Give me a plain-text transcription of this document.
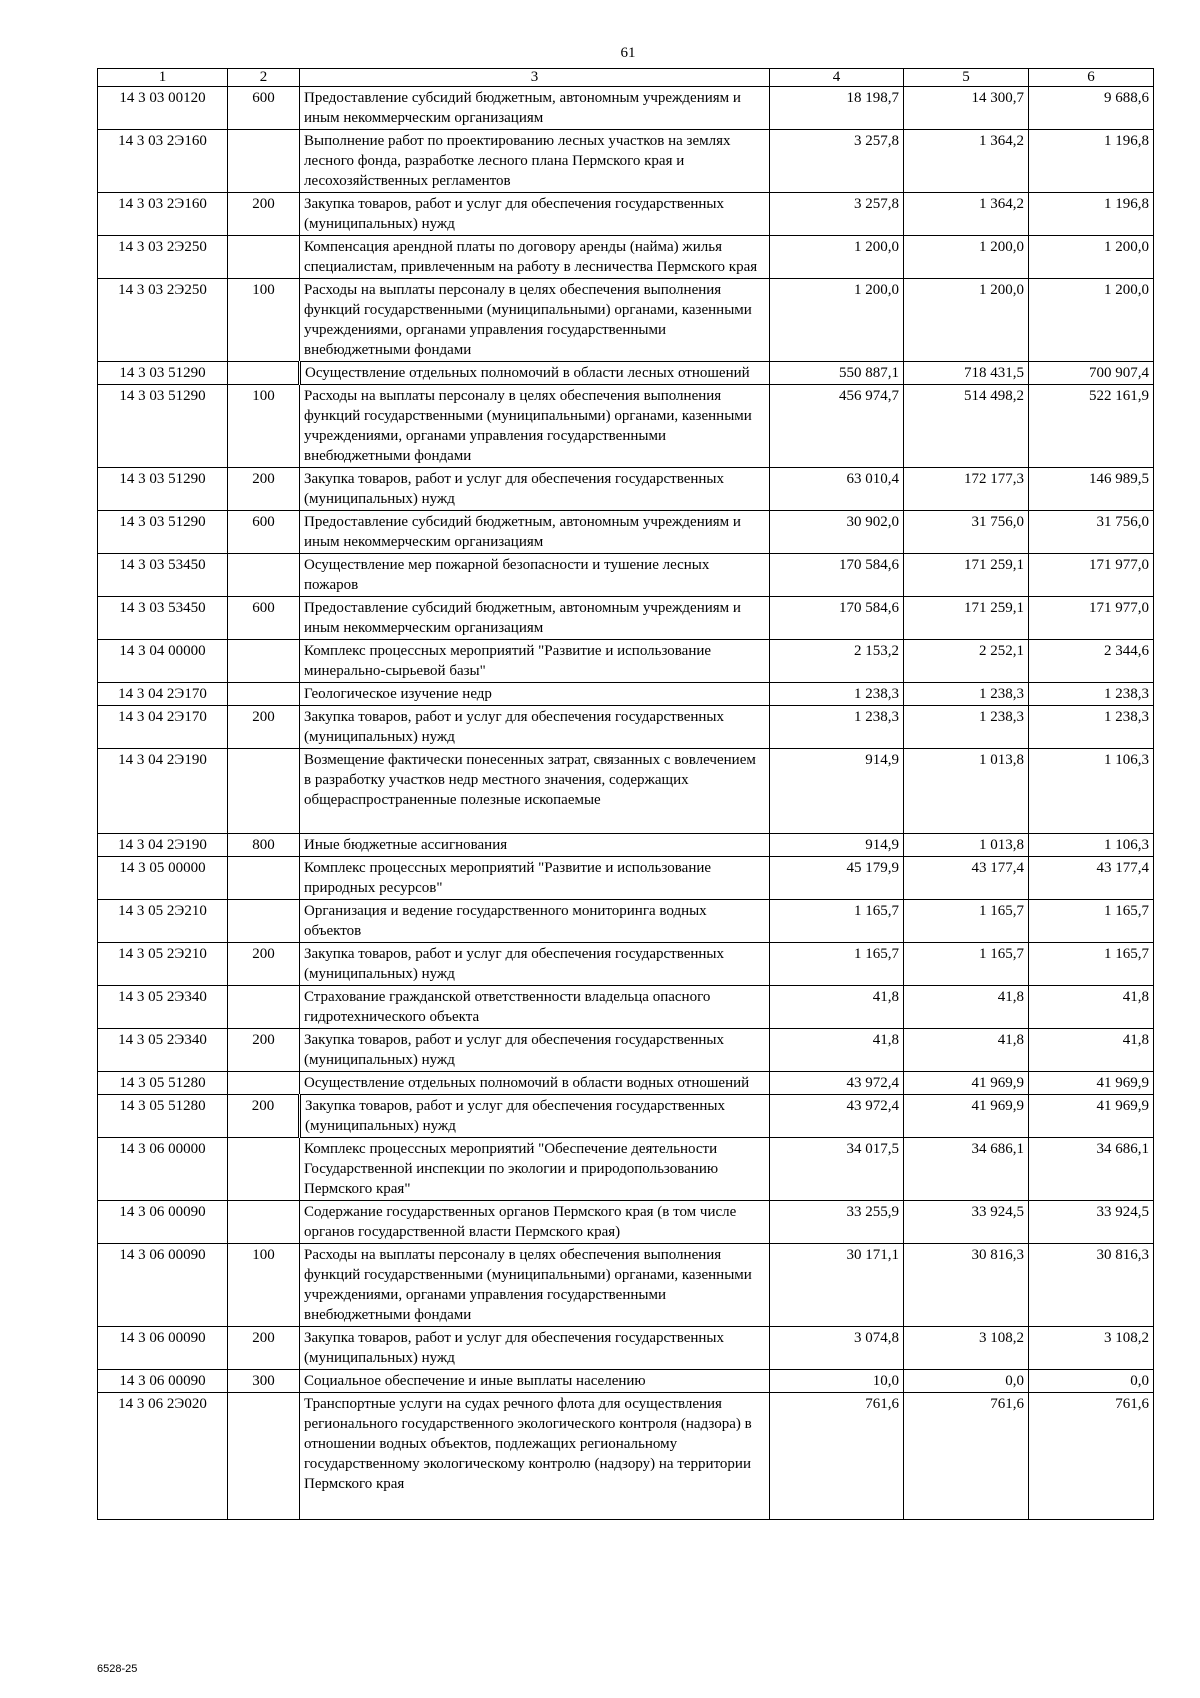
61
1	2	3	4	5	6
14 3 03 00120	600	Предоставление субсидий бюджетным, автономным учреждениям и иным некоммерческим организациям	18 198,7	14 300,7	9 688,6
14 3 03 2Э160		Выполнение работ по проектированию лесных участков на землях лесного фонда, разработке лесного плана Пермского края и лесохозяйственных регламентов	3 257,8	1 364,2	1 196,8
14 3 03 2Э160	200	Закупка товаров, работ и услуг для обеспечения государственных (муниципальных) нужд	3 257,8	1 364,2	1 196,8
14 3 03 2Э250		Компенсация арендной платы по договору аренды (найма) жилья специалистам, привлеченным на работу в лесничества Пермского края	1 200,0	1 200,0	1 200,0
14 3 03 2Э250	100	Расходы на выплаты персоналу в целях обеспечения выполнения функций государственными (муниципальными) органами, казенными учреждениями, органами управления государственными внебюджетными фондами	1 200,0	1 200,0	1 200,0
14 3 03 51290		Осуществление отдельных полномочий в области лесных отношений	550 887,1	718 431,5	700 907,4
14 3 03 51290	100	Расходы на выплаты персоналу в целях обеспечения выполнения функций государственными (муниципальными) органами, казенными учреждениями, органами управления государственными внебюджетными фондами	456 974,7	514 498,2	522 161,9
14 3 03 51290	200	Закупка товаров, работ и услуг для обеспечения государственных (муниципальных) нужд	63 010,4	172 177,3	146 989,5
14 3 03 51290	600	Предоставление субсидий бюджетным, автономным учреждениям и иным некоммерческим организациям	30 902,0	31 756,0	31 756,0
14 3 03 53450		Осуществление мер пожарной безопасности и тушение лесных пожаров	170 584,6	171 259,1	171 977,0
14 3 03 53450	600	Предоставление субсидий бюджетным, автономным учреждениям и иным некоммерческим организациям	170 584,6	171 259,1	171 977,0
14 3 04 00000		Комплекс процессных мероприятий "Развитие и использование минерально-сырьевой базы"	2 153,2	2 252,1	2 344,6
14 3 04 2Э170		Геологическое изучение недр	1 238,3	1 238,3	1 238,3
14 3 04 2Э170	200	Закупка товаров, работ и услуг для обеспечения государственных (муниципальных) нужд	1 238,3	1 238,3	1 238,3
14 3 04 2Э190		Возмещение фактически понесенных затрат, связанных с вовлечением в разработку участков недр местного значения, содержащих общераспространенные полезные ископаемые	914,9	1 013,8	1 106,3
14 3 04 2Э190	800	Иные бюджетные ассигнования	914,9	1 013,8	1 106,3
14 3 05 00000		Комплекс процессных мероприятий "Развитие и использование природных ресурсов"	45 179,9	43 177,4	43 177,4
14 3 05 2Э210		Организация и ведение государственного мониторинга водных объектов	1 165,7	1 165,7	1 165,7
14 3 05 2Э210	200	Закупка товаров, работ и услуг для обеспечения государственных (муниципальных) нужд	1 165,7	1 165,7	1 165,7
14 3 05 2Э340		Страхование гражданской ответственности владельца опасного гидротехнического объекта	41,8	41,8	41,8
14 3 05 2Э340	200	Закупка товаров, работ и услуг для обеспечения государственных (муниципальных) нужд	41,8	41,8	41,8
14 3 05 51280		Осуществление отдельных полномочий в области водных отношений	43 972,4	41 969,9	41 969,9
14 3 05 51280	200	Закупка товаров, работ и услуг для обеспечения государственных (муниципальных) нужд	43 972,4	41 969,9	41 969,9
14 3 06 00000		Комплекс процессных мероприятий "Обеспечение деятельности Государственной инспекции по экологии и природопользованию Пермского края"	34 017,5	34 686,1	34 686,1
14 3 06 00090		Содержание государственных органов Пермского края (в том числе органов государственной власти Пермского края)	33 255,9	33 924,5	33 924,5
14 3 06 00090	100	Расходы на выплаты персоналу в целях обеспечения выполнения функций государственными (муниципальными) органами, казенными учреждениями, органами управления государственными внебюджетными фондами	30 171,1	30 816,3	30 816,3
14 3 06 00090	200	Закупка товаров, работ и услуг для обеспечения государственных (муниципальных) нужд	3 074,8	3 108,2	3 108,2
14 3 06 00090	300	Социальное обеспечение и иные выплаты населению	10,0	0,0	0,0
14 3 06 2Э020		Транспортные услуги на судах речного флота для осуществления регионального государственного экологического контроля (надзора) в отношении водных объектов, подлежащих региональному государственному экологическому контролю (надзору) на территории Пермского края	761,6	761,6	761,6
6528-25
